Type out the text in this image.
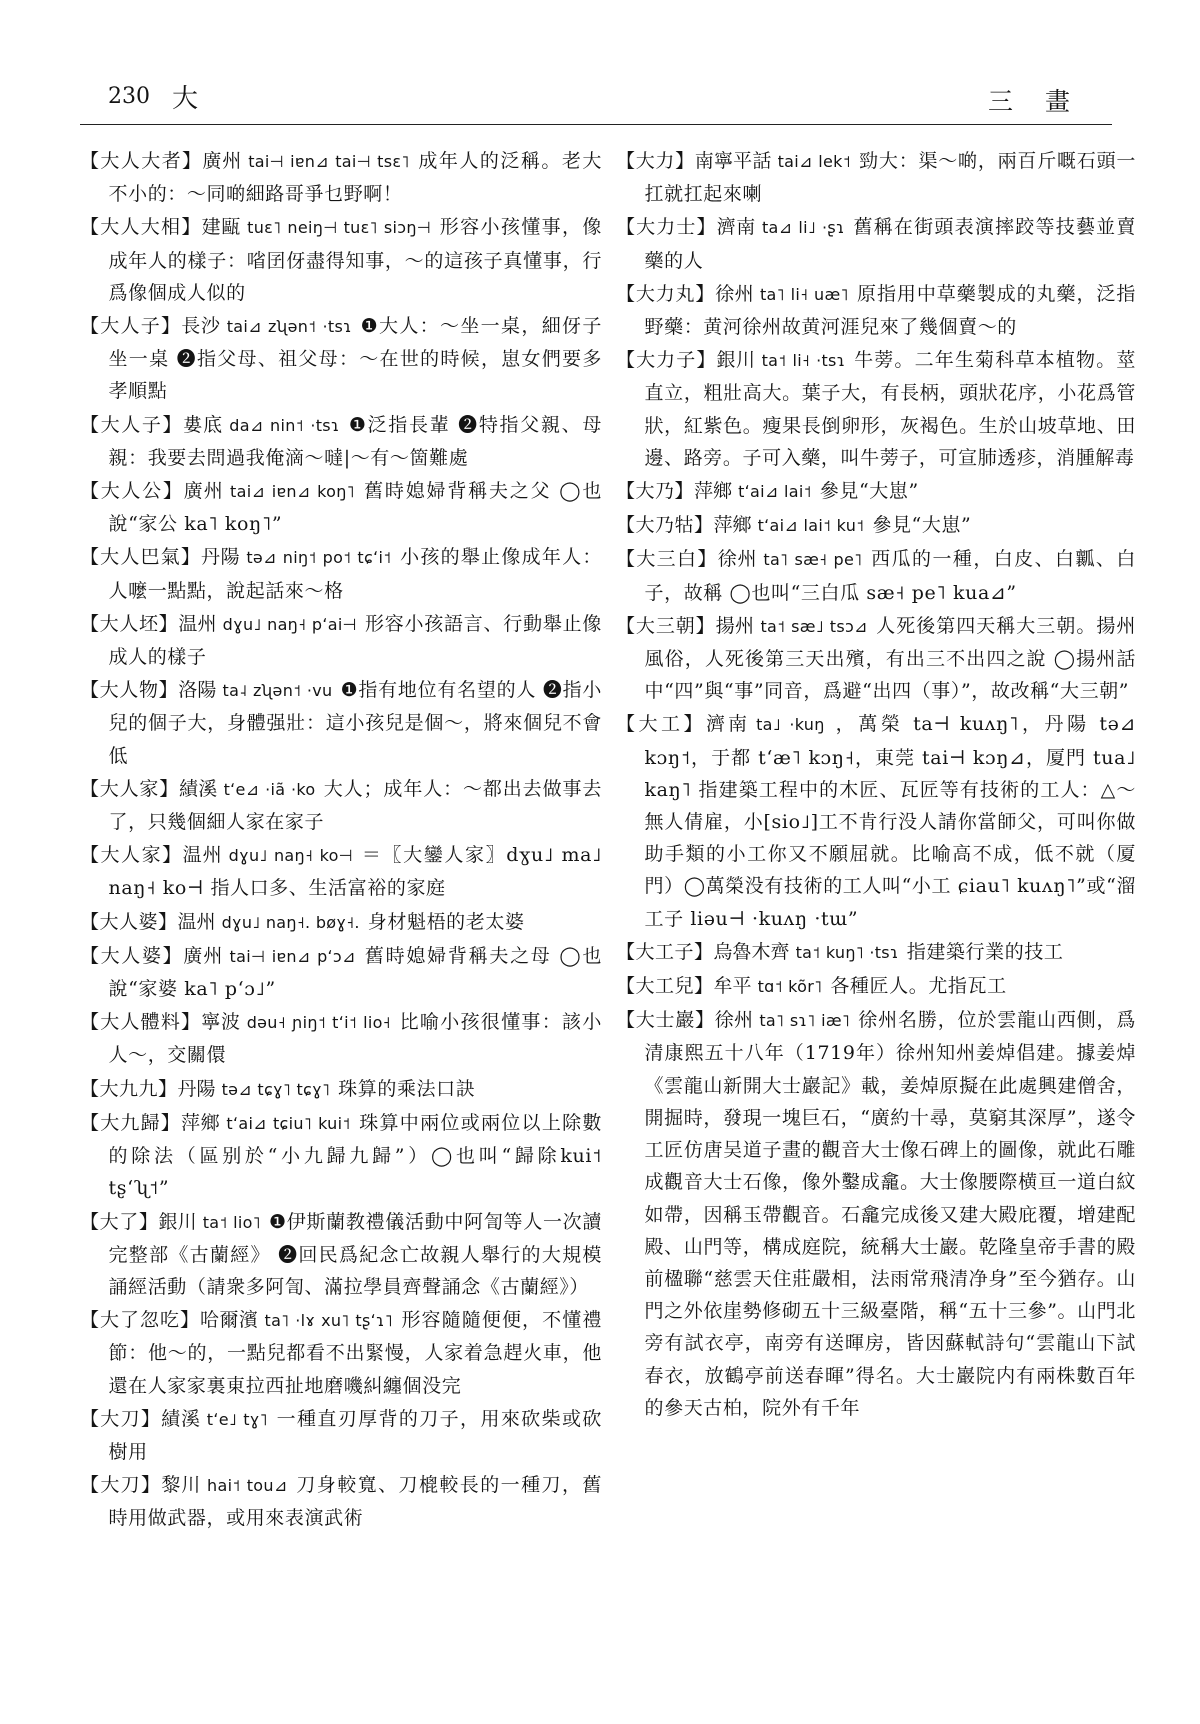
230 大	三 畫

【 大人大者 】 廣州 tai⊣ iɐn⊿ tai⊣ tsɛ˥ 成年人的泛稱。老大不小的：～同啲細路哥爭乜野啊！

【 大人大相 】 建甌 tuɛ˥ neiŋ⊣ tuɛ˥ siɔŋ⊣ 形容小孩懂事，像成年人的樣子：㗂囝伢盡得知事，～的這孩子真懂事，行爲像個成人似的

【 大人子 】 長沙 tai⊿ zʯən˦ ·tsɿ ❶大人：～坐一桌，細伢子坐一桌 ❷指父母、祖父母：～在世的時候，崽女們要多孝順點

【 大人子 】 婁底 da⊿ nin˦ ·tsɿ ❶泛指長輩 ❷特指父親、母親：我要去問過我俺滴～噠|～有～箇難處

【 大人公 】 廣州 tai⊿ iɐn⊿ koŋ˥ 舊時媳婦背稱夫之父 ◯也說“家公 ka˥ koŋ˥”

【 大人巴氣 】 丹陽 tə⊿ niŋ˦ po˦ tɕʻi˦ 小孩的舉止像成年人：人嚒一點點，說起話來～格

【 大人坯 】 温州 dɣu˩ naŋ˧ pʻai⊣ 形容小孩語言、行動舉止像成人的樣子

【 大人物 】 洛陽 ta˨ zʯən˦ ·vu ❶指有地位有名望的人 ❷指小兒的個子大，身體强壯：這小孩兒是個～，將來個兒不會低

【 大人家 】 績溪 tʻe⊿ ·iã ·ko 大人；成年人：～都出去做事去了，只幾個細人家在家子

【 大人家 】 温州 dɣu˩ naŋ˧ ko⊣ ＝〖大鑾人家〗dɣu˩ ma˩ naŋ˧ ko⊣ 指人口多、生活富裕的家庭

【 大人婆 】 温州 dɣu˩ naŋ˧. bøɣ˧. 身材魁梧的老太婆

【 大人婆 】 廣州 tai⊣ iɐn⊿ pʻɔ⊿ 舊時媳婦背稱夫之母 ◯也說“家婆 ka˥ pʻɔ˩”

【 大人體料 】 寧波 dəu˧ ɲiŋ˦ tʻi˦ lio˧ 比喻小孩很懂事：該小人～，交關儇

【 大九九 】 丹陽 tə⊿ tɕɣ˥ tɕɣ˥ 珠算的乘法口訣

【 大九歸 】 萍鄉 tʻai⊿ tɕiu˥ kui˦ 珠算中兩位或兩位以上除數的除法（區别於“小九歸九歸”）◯也叫“歸除kui˦ tʂʻʯ˦”

【 大了 】 銀川 ta˦ lio˥ ❶伊斯蘭教禮儀活動中阿訇等人一次讀完整部《古蘭經》 ❷回民爲紀念亡故親人舉行的大規模誦經活動（請衆多阿訇、滿拉學員齊聲誦念《古蘭經》）

【 大了忽吃 】 哈爾濱 ta˥ ·lɤ xu˥ tʂʻɿ˥ 形容隨隨便便，不懂禮節：他～的，一點兒都看不出緊慢，人家着急趕火車，他還在人家家裏東拉西扯地磨嘰糾纏個没完

【 大刀 】 績溪 tʻe˩ tɣ˥ 一種直刃厚背的刀子，用來砍柴或砍樹用

【 大刀 】 黎川 hai˦ tou⊿ 刀身較寬、刀㮰較長的一種刀，舊時用做武器，或用來表演武術

【 大力 】 南寧平話 tai⊿ lek˦ 勁大：渠～啲，兩百斤嘅石頭一扛就扛起來喇

【 大力士 】 濟南 ta⊿ li˩ ·ʂɿ 舊稱在街頭表演摔跤等技藝並賣藥的人

【 大力丸 】 徐州 ta˥ li˧ uæ˥ 原指用中草藥製成的丸藥，泛指野藥：黄河徐州故黄河涯兒來了幾個賣～的

【 大力子 】 銀川 ta˦ li˧ ·tsɿ 牛蒡。二年生菊科草本植物。莖直立，粗壯高大。葉子大，有長柄，頭狀花序，小花爲管狀，紅紫色。瘦果長倒卵形，灰褐色。生於山坡草地、田邊、路旁。子可入藥，叫牛蒡子，可宣肺透疹，消腫解毒

【 大乃 】 萍鄉 tʻai⊿ lai˦ 參見“大崽”

【 大乃牯 】 萍鄉 tʻai⊿ lai˦ ku˦ 參見“大崽”

【 大三白 】 徐州 ta˥ sæ˧ pe˥ 西瓜的一種，白皮、白瓤、白子，故稱 ◯也叫“三白瓜 sæ˧ pe˥ kua⊿”

【 大三朝 】 揚州 ta˦ sæ˩ tsɔ⊿ 人死後第四天稱大三朝。揚州風俗，人死後第三天出殯，有出三不出四之說 ◯揚州話中“四”與“事”同音，爲避“出四（事）”，故改稱“大三朝”

【 大工 】 濟南 ta˩ ·kuŋ ，萬榮 ta⊣ kuʌŋ˥，丹陽 tə⊿ kɔŋ˦，于都 tʻæ˥ kɔŋ˧，東莞 tai⊣ kɔŋ⊿，厦門 tua˩ kaŋ˥ 指建築工程中的木匠、瓦匠等有技術的工人：△～無人倩雇，小[sio˩]工不肯行没人請你當師父，可叫你做助手類的小工你又不願屈就。比喻高不成，低不就（厦門）◯萬榮没有技術的工人叫“小工 ɕiau˥ kuʌŋ˥”或“溜工子 liəu⊣ ·kuʌŋ ·tɯ”

【 大工子 】 烏魯木齊 ta˦ kuŋ˥ ·tsɿ 指建築行業的技工

【 大工兒 】 牟平 tɑ˦ kõr˥ 各種匠人。尤指瓦工

【 大士巖 】 徐州 ta˥ sɿ˥ iæ˥ 徐州名勝，位於雲龍山西側，爲清康熙五十八年（1719年）徐州知州姜焯倡建。據姜焯《雲龍山新開大士巖記》載，姜焯原擬在此處興建僧舍，開掘時，發現一塊巨石，“廣約十尋，莫窮其深厚”，遂令工匠仿唐吴道子畫的觀音大士像石碑上的圖像，就此石雕成觀音大士石像，像外鑿成龕。大士像腰際横亘一道白紋如帶，因稱玉帶觀音。石龕完成後又建大殿庇覆，增建配殿、山門等，構成庭院，統稱大士巖。乾隆皇帝手書的殿前楹聯“慈雲天住莊嚴相，法雨常飛清净身”至今猶存。山門之外依崖勢修砌五十三級臺階，稱“五十三參”。山門北旁有試衣亭，南旁有送暉房，皆因蘇軾詩句“雲龍山下試春衣，放鶴亭前送春暉”得名。大士巖院内有兩株數百年的參天古柏，院外有千年
